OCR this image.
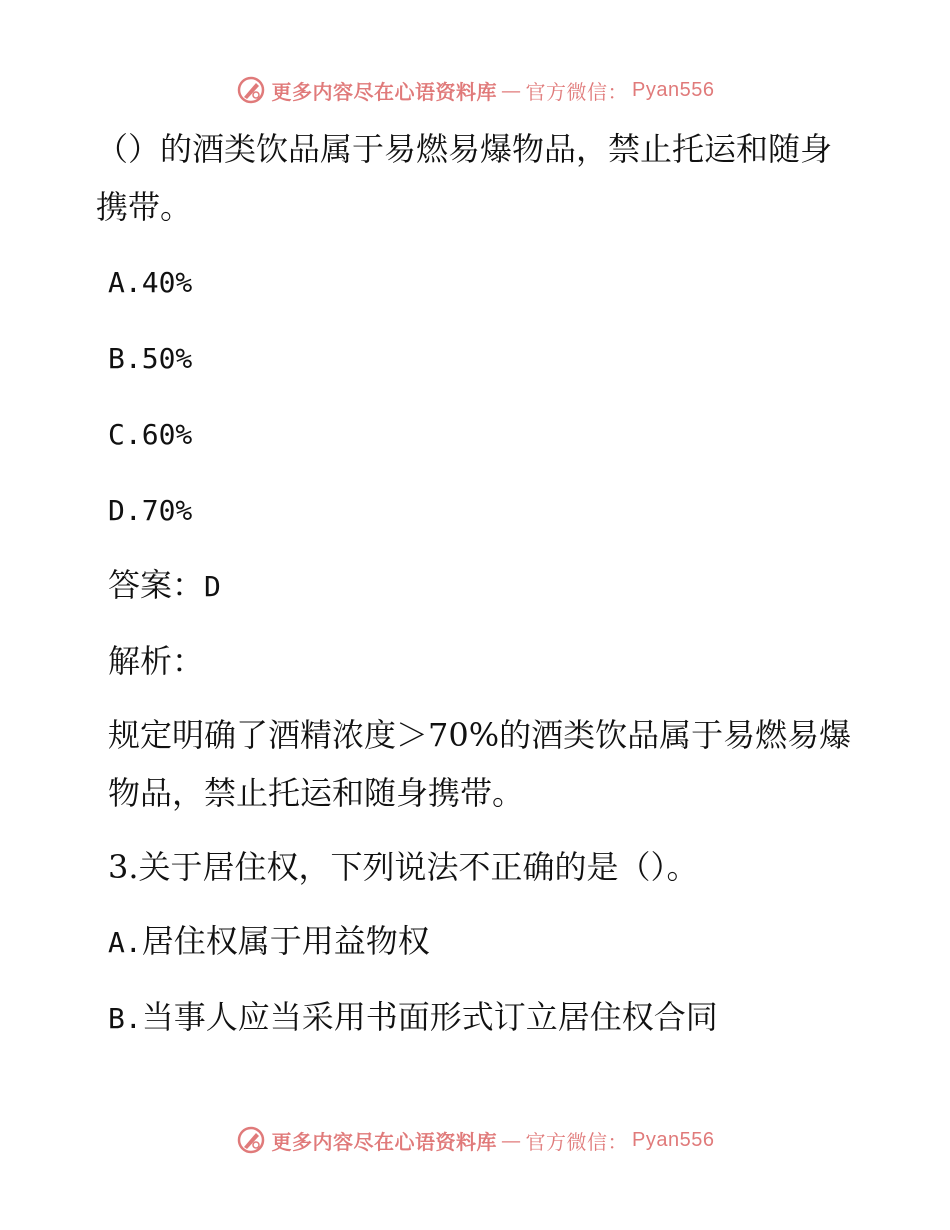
更多内容尽在心语资料库 — 官方微信： Pyan556

（）的酒类饮品属于易燃易爆物品，禁止托运和随身携带。

A.40%

B.50%

C.60%

D.70%

答案：D

解析：

规定明确了酒精浓度＞70%的酒类饮品属于易燃易爆物品，禁止托运和随身携带。

3.关于居住权，下列说法不正确的是（）。

A.居住权属于用益物权

B.当事人应当采用书面形式订立居住权合同

更多内容尽在心语资料库 — 官方微信： Pyan556
